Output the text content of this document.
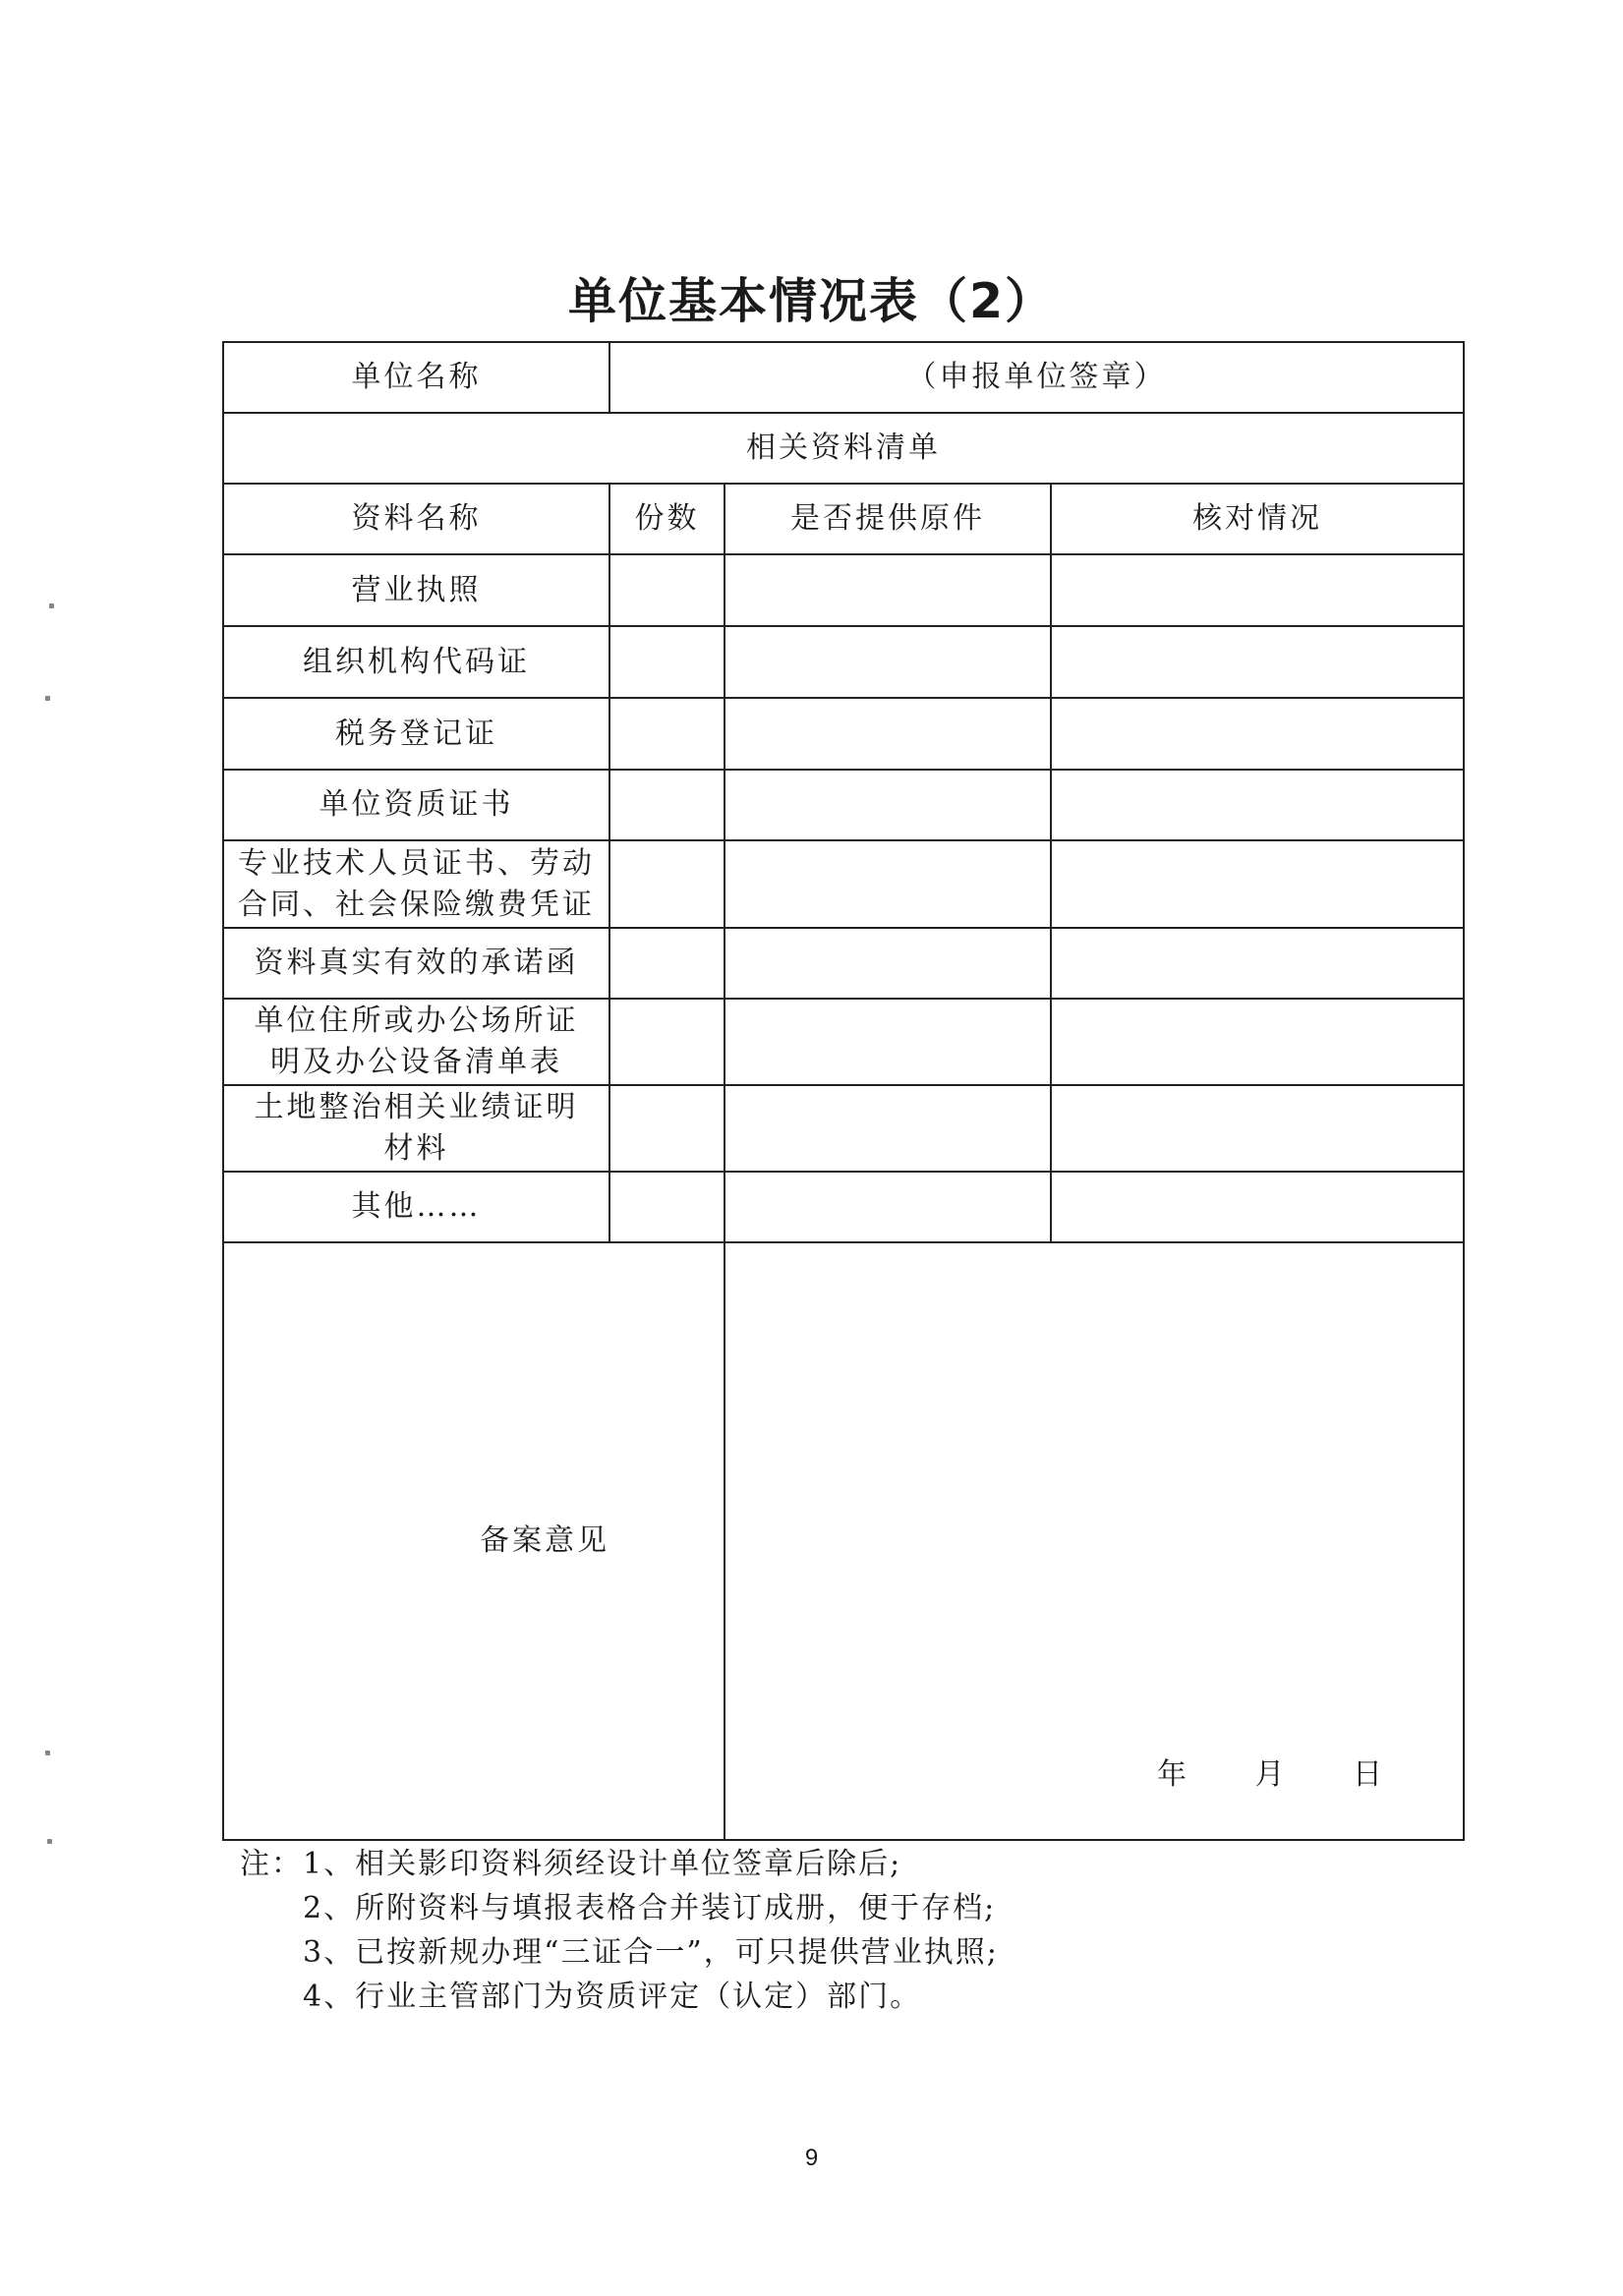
单位基本情况表（2）
单位名称	（申报单位签章）		
相关资料清单			
资料名称	份数	是否提供原件	核对情况
营业执照			
组织机构代码证			
税务登记证			
单位资质证书			
专业技术人员证书、劳动
合同、社会保险缴费凭证			
资料真实有效的承诺函			
单位住所或办公场所证
明及办公设备清单表			
土地整治相关业绩证明
材料			
其他……			
备案意见		年 月 日	
注：1、相关影印资料须经设计单位签章后除后;
2、所附资料与填报表格合并装订成册，便于存档;
3、已按新规办理“三证合一”，可只提供营业执照;
4、行业主管部门为资质评定（认定）部门。
9
